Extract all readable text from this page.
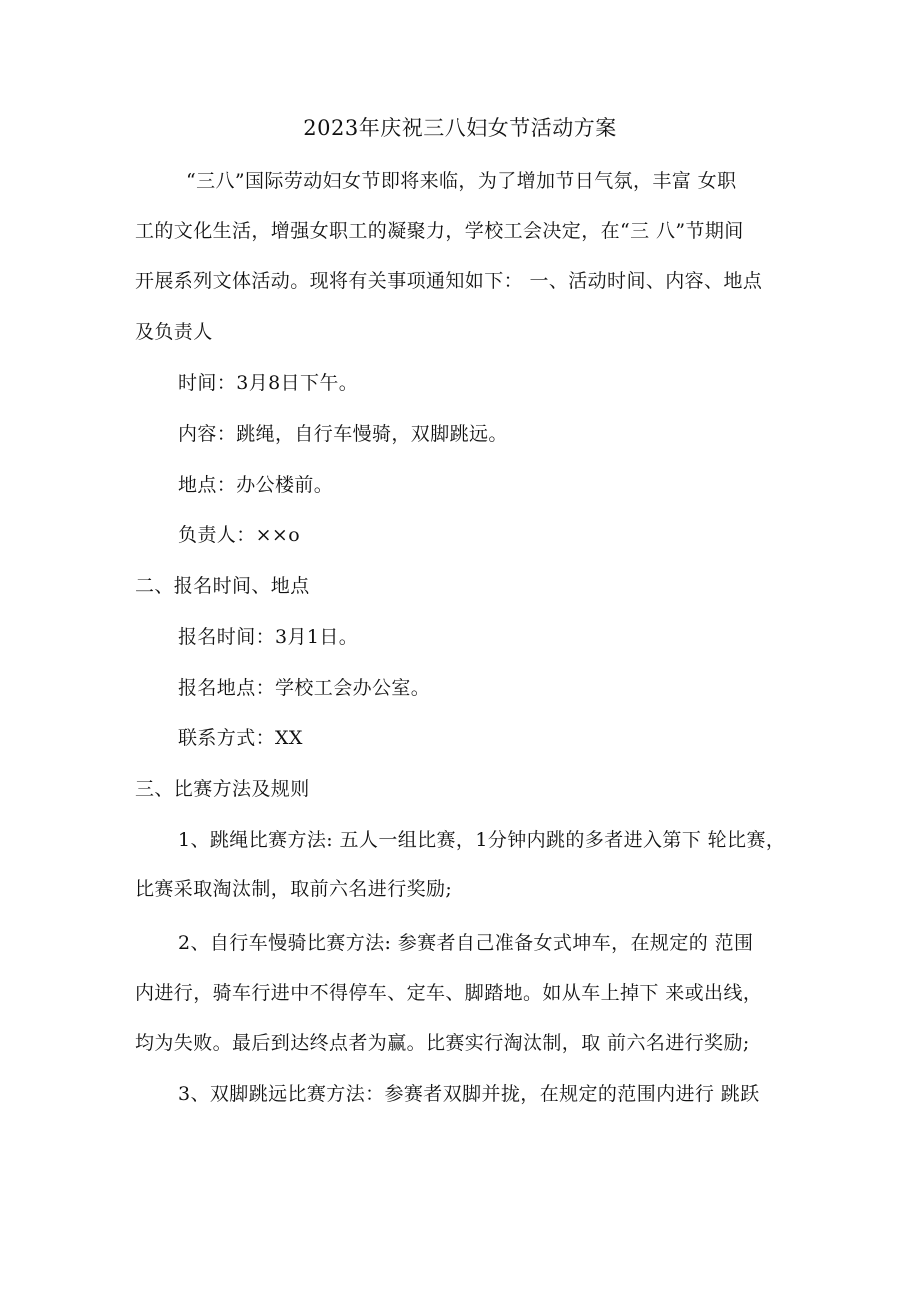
2023年庆祝三八妇女节活动方案
“三八”国际劳动妇女节即将来临，为了增加节日气氛，丰富 女职
工的文化生活，增强女职工的凝聚力，学校工会决定，在“三 八”节期间
开展系列文体活动。现将有关事项通知如下： 一、活动时间、内容、地点
及负责人
时间：3月8日下午。
内容：跳绳，自行车慢骑，双脚跳远。
地点：办公楼前。
负责人：××o
二、报名时间、地点
报名时间：3月1日。
报名地点：学校工会办公室。
联系方式：XX
三、比赛方法及规则
1、跳绳比赛方法: 五人一组比赛，1分钟内跳的多者进入第下 轮比赛，
比赛采取淘汰制，取前六名进行奖励;
2、自行车慢骑比赛方法: 参赛者自己准备女式坤车，在规定的 范围
内进行，骑车行进中不得停车、定车、脚踏地。如从车上掉下 来或出线，
均为失败。最后到达终点者为赢。比赛实行淘汰制，取 前六名进行奖励;
3、双脚跳远比赛方法：参赛者双脚并拢，在规定的范围内进行 跳跃
